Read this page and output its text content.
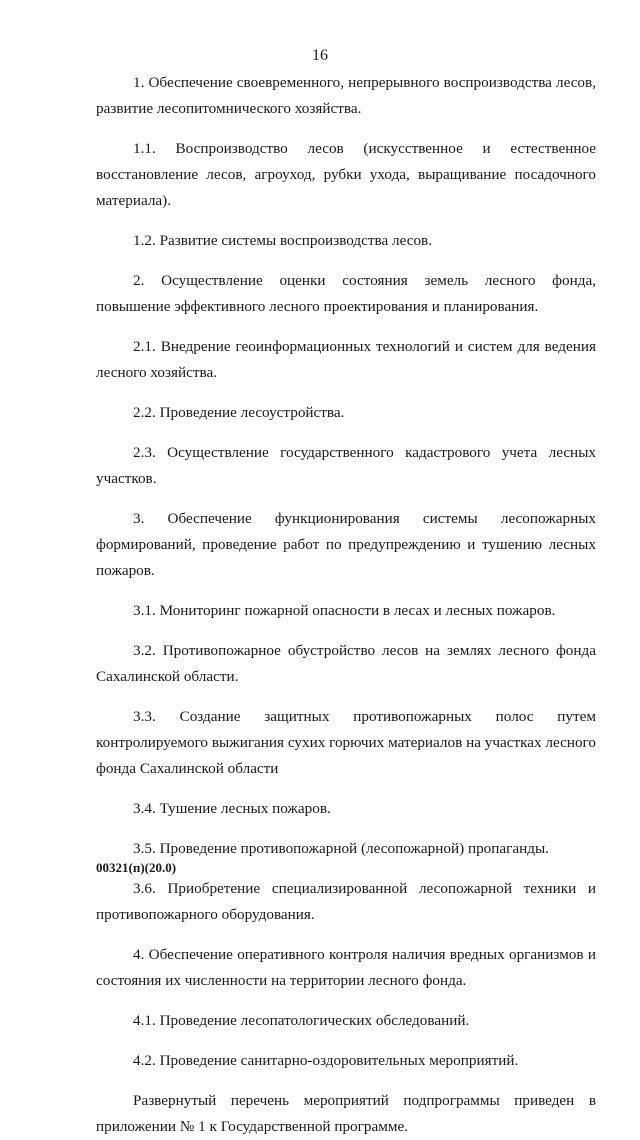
16

1. Обеспечение своевременного, непрерывного воспроизводства лесов, развитие лесопитомнического хозяйства.

1.1. Воспроизводство лесов (искусственное и естественное восстановление лесов, агроуход, рубки ухода, выращивание посадочного материала).

1.2. Развитие системы воспроизводства лесов.

2. Осуществление оценки состояния земель лесного фонда, повышение эффективного лесного проектирования и планирования.

2.1. Внедрение геоинформационных технологий и систем для ведения лесного хозяйства.

2.2. Проведение лесоустройства.

2.3. Осуществление государственного кадастрового учета лесных участков.

3. Обеспечение функционирования системы лесопожарных формирований, проведение работ по предупреждению и тушению лесных пожаров.

3.1. Мониторинг пожарной опасности в лесах и лесных пожаров.

3.2. Противопожарное обустройство лесов на землях лесного фонда Сахалинской области.

3.3. Создание защитных противопожарных полос путем контролируемого выжигания сухих горючих материалов на участках лесного фонда Сахалинской области

3.4. Тушение лесных пожаров.

3.5. Проведение противопожарной (лесопожарной) пропаганды.

3.6. Приобретение специализированной лесопожарной техники и противопожарного оборудования.

4. Обеспечение оперативного контроля наличия вредных организмов и состояния их численности на территории лесного фонда.

4.1. Проведение лесопатологических обследований.

4.2. Проведение санитарно-оздоровительных мероприятий.

Развернутый перечень мероприятий подпрограммы приведен в приложении № 1 к Государственной программе.

00321(п)(20.0)
